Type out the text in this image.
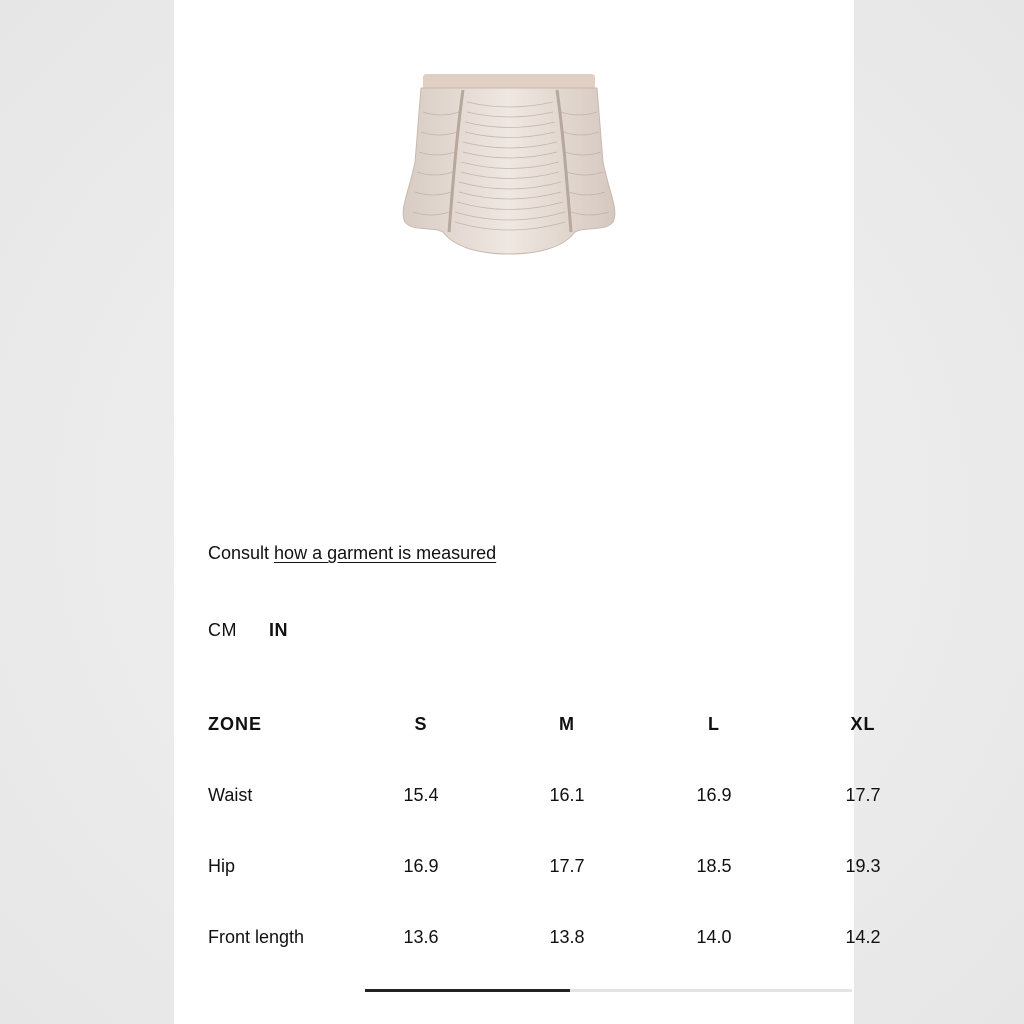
Consult how a garment is measured
CM	IN
ZONE	S	M	L	XL
Waist	15.4	16.1	16.9	17.7
Hip	16.9	17.7	18.5	19.3
Front length	13.6	13.8	14.0	14.2
